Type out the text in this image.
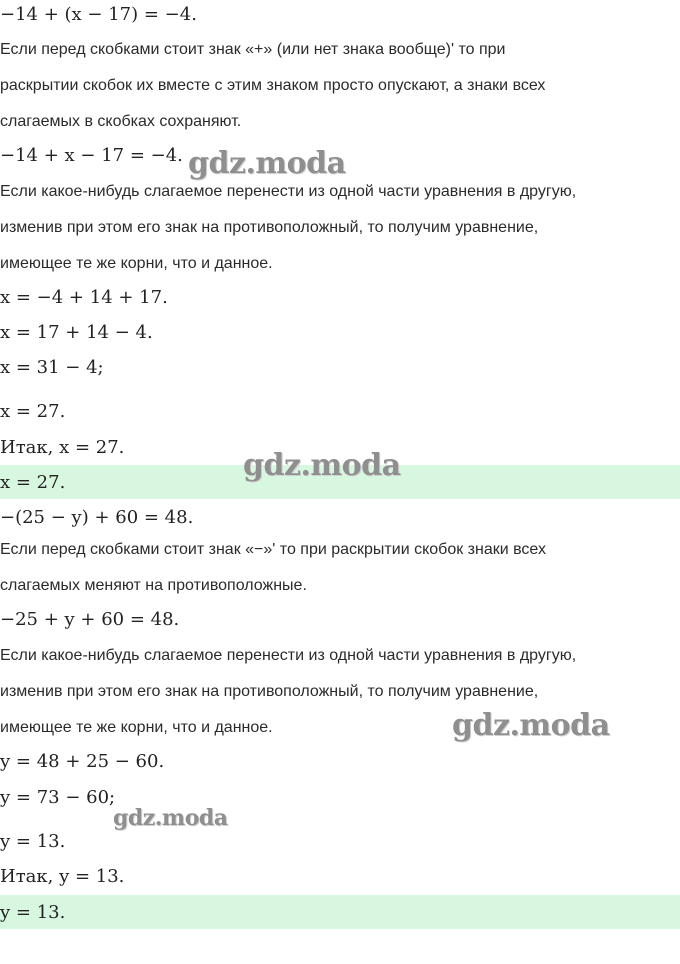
−14 + (x − 17) = −4.
Если перед скобками стоит знак «+» (или нет знака вообще)' то при
раскрытии скобок их вместе с этим знаком просто опускают, а знаки всех
слагаемых в скобках сохраняют.
−14 + x − 17 = −4.
Если какое-нибудь слагаемое перенести из одной части уравнения в другую,
изменив при этом его знак на противоположный, то получим уравнение,
имеющее те же корни, что и данное.
x = −4 + 14 + 17.
x = 17 + 14 − 4.
x = 31 − 4;
x = 27.
Итак, x = 27.
x = 27.
−(25 − y) + 60 = 48.
Если перед скобками стоит знак «−»' то при раскрытии скобок знаки всех
слагаемых меняют на противоположные.
−25 + y + 60 = 48.
Если какое-нибудь слагаемое перенести из одной части уравнения в другую,
изменив при этом его знак на противоположный, то получим уравнение,
имеющее те же корни, что и данное.
y = 48 + 25 − 60.
y = 73 − 60;
y = 13.
Итак, y = 13.
y = 13.
gdz.moda
gdz.moda
gdz.moda
gdz.moda
